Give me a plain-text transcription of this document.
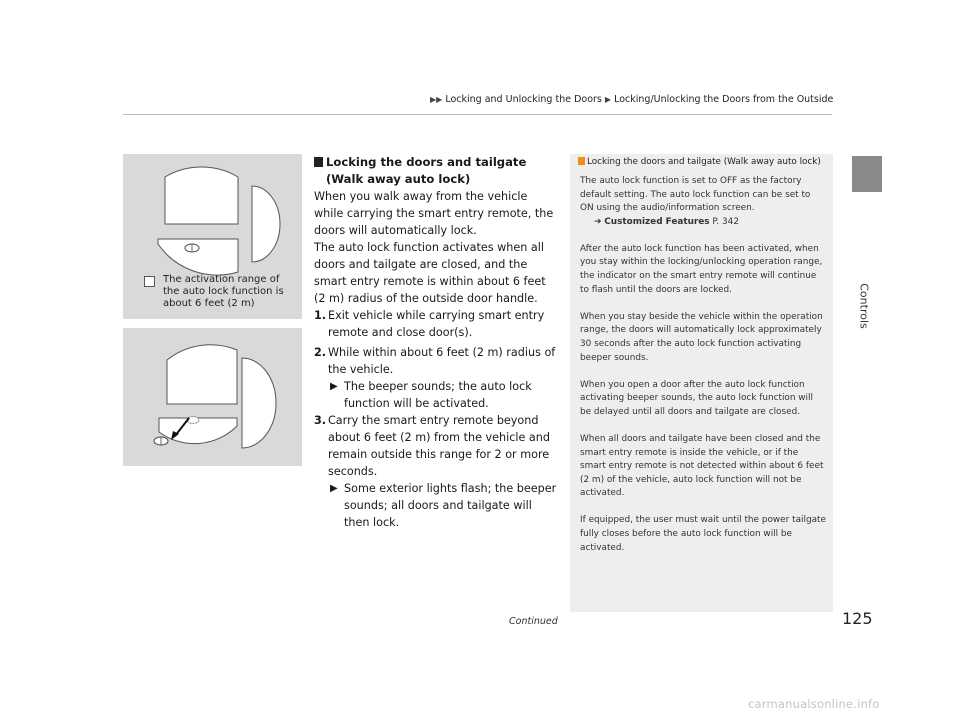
▶▶ Locking and Unlocking the Doors ▶ Locking/Unlocking the Doors from the Outside
Controls
The activation range of the auto lock function is about 6 feet (2 m)
Locking the doors and tailgate (Walk away auto lock)
When you walk away from the vehicle while carrying the smart entry remote, the doors will automatically lock.
The auto lock function activates when all doors and tailgate are closed, and the smart entry remote is within about 6 feet (2 m) radius of the outside door handle.
1. Exit vehicle while carrying smart entry remote and close door(s).
2. While within about 6 feet (2 m) radius of the vehicle.
▶ The beeper sounds; the auto lock function will be activated.
3. Carry the smart entry remote beyond about 6 feet (2 m) from the vehicle and remain outside this range for 2 or more seconds.
▶ Some exterior lights flash; the beeper sounds; all doors and tailgate will then lock.
Locking the doors and tailgate (Walk away auto lock)

The auto lock function is set to OFF as the factory default setting. The auto lock function can be set to ON using the audio/information screen.
➔ Customized Features P. 342

After the auto lock function has been activated, when you stay within the locking/unlocking operation range, the indicator on the smart entry remote will continue to flash until the doors are locked.

When you stay beside the vehicle within the operation range, the doors will automatically lock approximately 30 seconds after the auto lock function activating beeper sounds.

When you open a door after the auto lock function activating beeper sounds, the auto lock function will be delayed until all doors and tailgate are closed.

When all doors and tailgate have been closed and the smart entry remote is inside the vehicle, or if the smart entry remote is not detected within about 6 feet (2 m) of the vehicle, auto lock function will not be activated.

If equipped, the user must wait until the power tailgate fully closes before the auto lock function will be activated.

Continued	125
carmanualsonline.info
